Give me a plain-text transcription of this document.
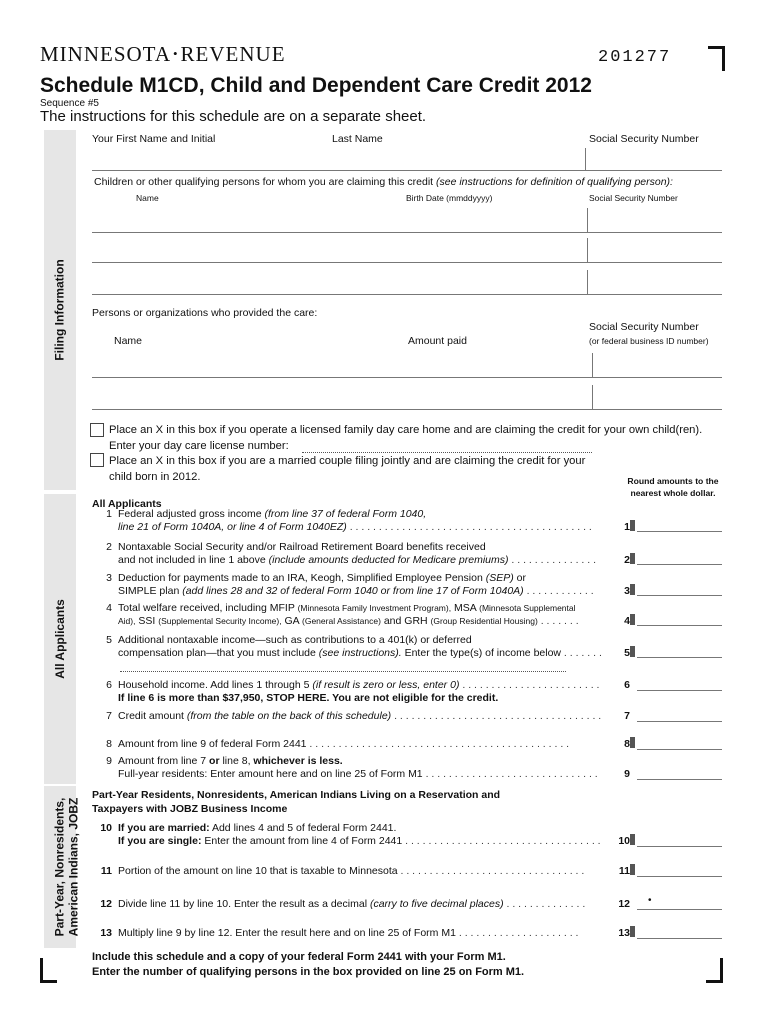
MINNESOTA •REVENUE	201277
Schedule M1CD, Child and Dependent Care Credit 2012
Sequence #5
The instructions for this schedule are on a separate sheet.
Filing Information
All Applicants
Part-Year, Nonresidents, American Indians, JOBZ
Your First Name and Initial	Last Name	Social Security Number
Children or other qualifying persons for whom you are claiming this credit (see instructions for definition of qualifying person):
Name	Birth Date (mmddyyyy)	Social Security Number
Persons or organizations who provided the care:
Name	Amount paid
Social Security Number
(or federal business ID number)
Place an X in this box if you operate a licensed family day care home and are claiming the credit for your own child(ren).
Enter your day care license number:
Place an X in this box if you are a married couple filing jointly and are claiming the credit for your
child born in 2012.	Round amounts to the
nearest whole dollar.
All Applicants
1 Federal adjusted gross income (from line 37 of federal Form 1040,
line 21 of Form 1040A, or line 4 of Form 1040EZ) . . . . . . . . . . . . . . . . . . . . . . . . . . . . . . . . . . . . . . . . . .	1
2 Nontaxable Social Security and/or Railroad Retirement Board benefits received
and not included in line 1 above (include amounts deducted for Medicare premiums) . . . . . . . . . . . . . . .	2
3 Deduction for payments made to an IRA, Keogh, Simplified Employee Pension (SEP) or
SIMPLE plan (add lines 28 and 32 of federal Form 1040 or from line 17 of Form 1040A) . . . . . . . . . . . .	3
4 Total welfare received, including MFIP (Minnesota Family Investment Program), MSA (Minnesota Supplemental
Aid), SSI (Supplemental Security Income), GA (General Assistance) and GRH (Group Residential Housing) . . . . . . .	4
5 Additional nontaxable income—such as contributions to a 401(k) or deferred
compensation plan—that you must include (see instructions). Enter the type(s) of income below . . . . . . .	5
6 Household income. Add lines 1 through 5 (if result is zero or less, enter 0) . . . . . . . . . . . . . . . . . . . . . . . .
If line 6 is more than $37,950, STOP HERE. You are not eligible for the credit.
6
7 Credit amount (from the table on the back of this schedule) . . . . . . . . . . . . . . . . . . . . . . . . . . . . . . . . . . . .	7
8 Amount from line 9 of federal Form 2441 . . . . . . . . . . . . . . . . . . . . . . . . . . . . . . . . . . . . . . . . . . . . .	8
9 Amount from line 7 or line 8, whichever is less.
Full-year residents: Enter amount here and on line 25 of Form M1 . . . . . . . . . . . . . . . . . . . . . . . . . . . . . .	9
Part-Year Residents, Nonresidents, American Indians Living on a Reservation and
Taxpayers with JOBZ Business Income
10 If you are married: Add lines 4 and 5 of federal Form 2441.
If you are single: Enter the amount from line 4 of Form 2441 . . . . . . . . . . . . . . . . . . . . . . . . . . . . . . . . . .	10
11 Portion of the amount on line 10 that is taxable to Minnesota . . . . . . . . . . . . . . . . . . . . . . . . . . . . . . . .	11
12 Divide line 11 by line 10. Enter the result as a decimal (carry to five decimal places) . . . . . . . . . . . . . .	12 •
13 Multiply line 9 by line 12. Enter the result here and on line 25 of Form M1 . . . . . . . . . . . . . . . . . . . . .	13
Include this schedule and a copy of your federal Form 2441 with your Form M1.
Enter the number of qualifying persons in the box provided on line 25 on Form M1.
